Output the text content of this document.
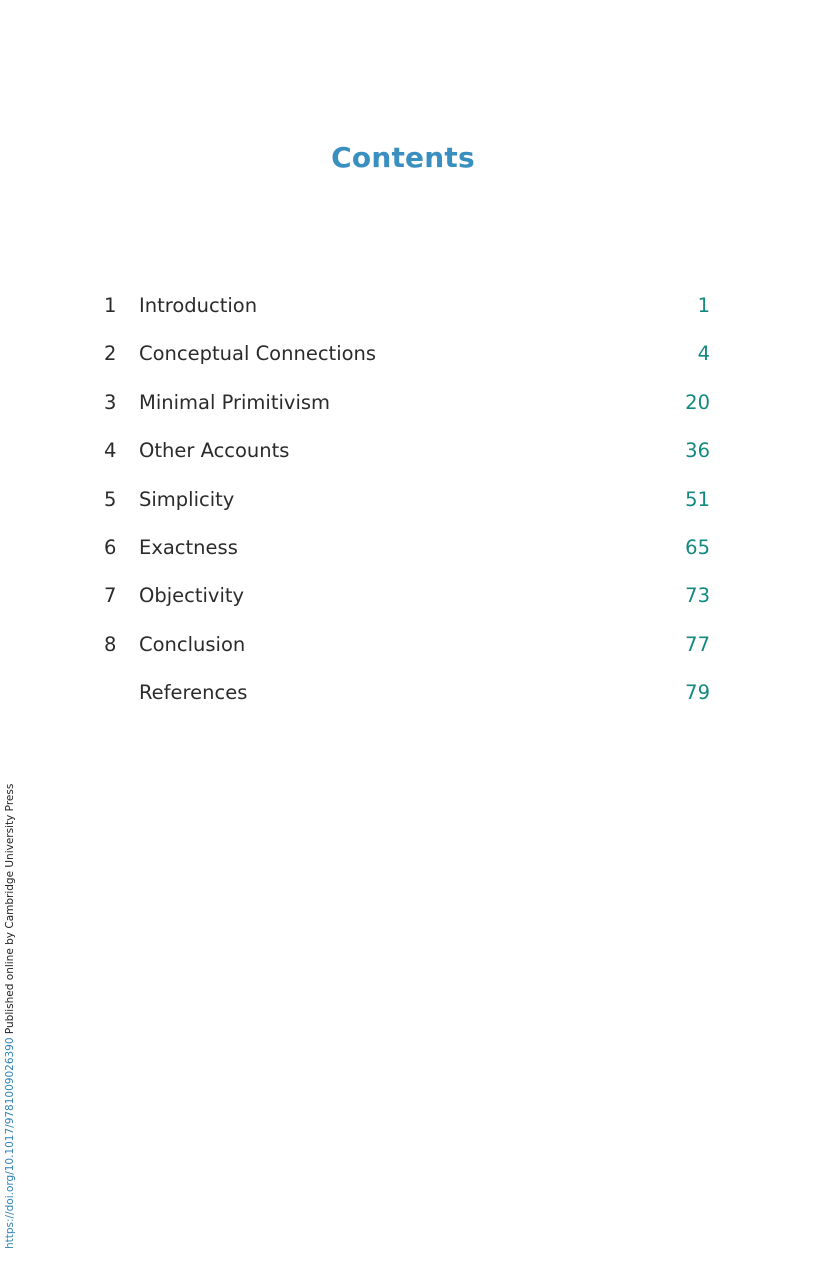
Contents
1	Introduction	1
2	Conceptual Connections	4
3	Minimal Primitivism	20
4	Other Accounts	36
5	Simplicity	51
6	Exactness	65
7	Objectivity	73
8	Conclusion	77
References	79
https://doi.org/10.1017/9781009026390 Published online by Cambridge University Press
